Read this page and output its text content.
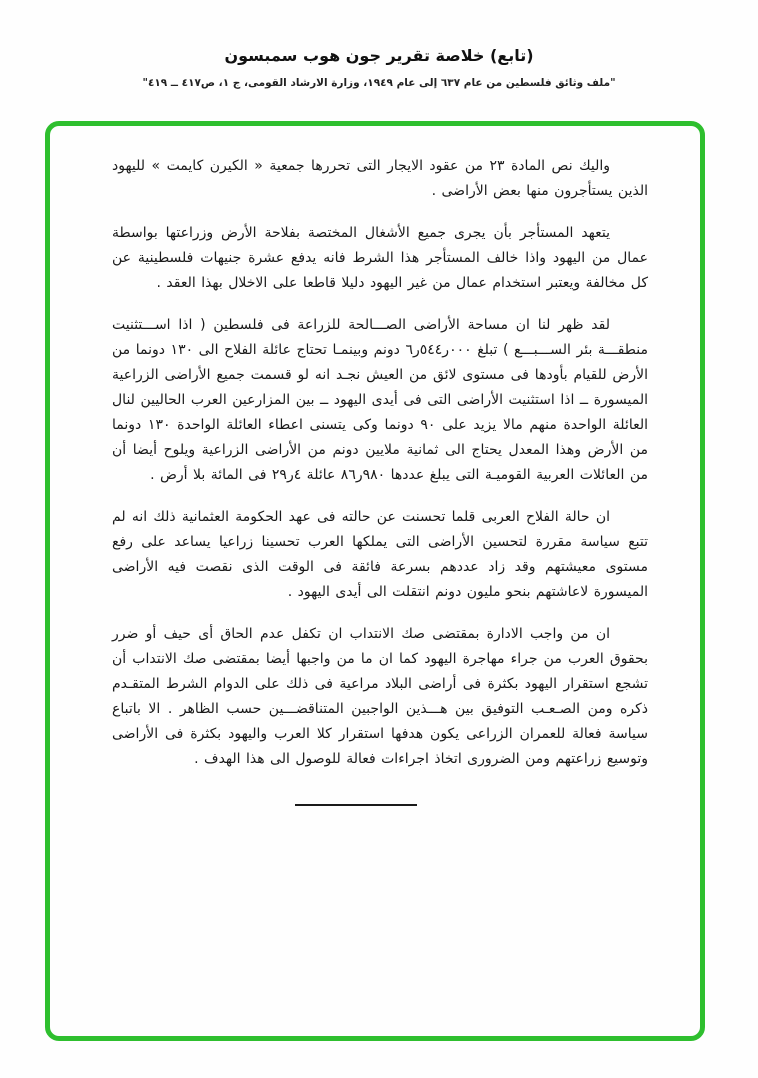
(تابع) خلاصة تقرير جون هوب سمبسون
"ملف وثائق فلسطين من عام ٦٣٧ إلى عام ١٩٤٩، وزارة الارشاد القومى، ج ١، ص٤١٧ ــ ٤١٩"

واليك نص المادة ٢٣ من عقود الايجار التى تحررها جمعية « الكيرن كايمت » لليهود الذين يستأجرون منها بعض الأراضى .

يتعهد المستأجر بأن يجرى جميع الأشغال المختصة بفلاحة الأرض وزراعتها بواسطة عمال من اليهود واذا خالف المستأجر هذا الشرط فانه يدفع عشرة جنيهات فلسطينية عن كل مخالفة ويعتبر استخدام عمال من غير اليهود دليلا قاطعا على الاخلال بهذا العقد .

لقد ظهر لنا ان مساحة الأراضى الصـــالحة للزراعة فى فلسطين ( اذا اســـتثنيت منطقـــة بئر الســـبـــع ) تبلغ ٠٠٠ر٥٤٤ر٦ دونم وبينمـا تحتاج عائلة الفلاح الى ١٣٠ دونما من الأرض للقيام بأودها فى مستوى لائق من العيش نجـد انه لو قسمت جميع الأراضى الزراعية الميسورة ــ اذا استثنيت الأراضى التى فى أيدى اليهود ــ بين المزارعين العرب الحاليين لنال العائلة الواحدة منهم مالا يزيد على ٩٠ دونما وكى يتسنى اعطاء العائلة الواحدة ١٣٠ دونما من الأرض وهذا المعدل يحتاج الى ثمانية ملايين دونم من الأراضى الزراعية ويلوح أيضا أن من العائلات العربية القوميـة التى يبلغ عددها ٩٨٠ر٨٦ عائلة ٤ر٢٩ فى المائة بلا أرض .

ان حالة الفلاح العربى قلما تحسنت عن حالته فى عهد الحكومة العثمانية ذلك انه لم تتبع سياسة مقررة لتحسين الأراضى التى يملكها العرب تحسينا زراعيا يساعد على رفع مستوى معيشتهم وقد زاد عددهم بسرعة فائقة فى الوقت الذى نقصت فيه الأراضى الميسورة لاعاشتهم بنحو مليون دونم انتقلت الى أيدى اليهود .

ان من واجب الادارة بمقتضى صك الانتداب ان تكفل عدم الحاق أى حيف أو ضرر بحقوق العرب من جراء مهاجرة اليهود كما ان ما من واجبها أيضا بمقتضى صك الانتداب أن تشجع استقرار اليهود بكثرة فى أراضى البلاد مراعية فى ذلك على الدوام الشرط المتقـدم ذكره ومن الصـعـب التوفيق بين هـــذين الواجبين المتناقضـــين حسب الظاهر . الا باتباع سياسة فعالة للعمران الزراعى يكون هدفها استقرار كلا العرب واليهود بكثرة فى الأراضى وتوسيع زراعتهم ومن الضرورى اتخاذ اجراءات فعالة للوصول الى هذا الهدف .
